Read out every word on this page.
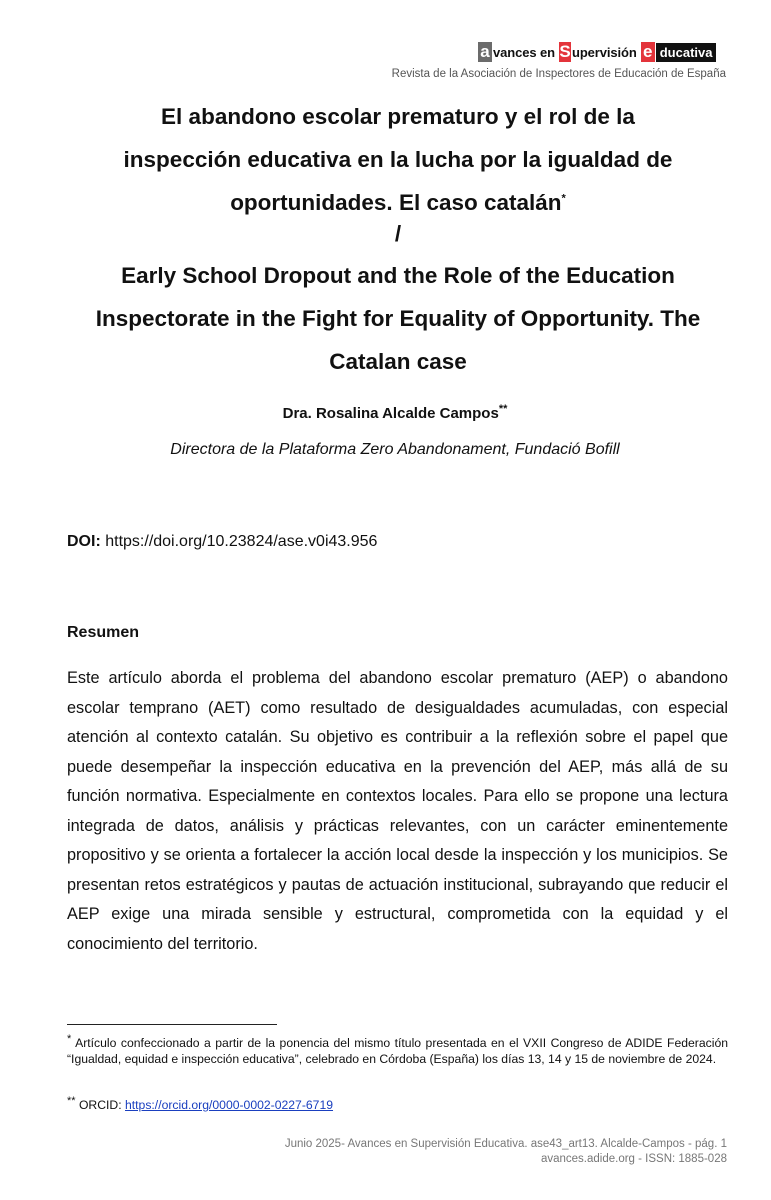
a vances en S upervisión e ducativa
Revista de la Asociación de Inspectores de Educación de España
El abandono escolar prematuro y el rol de la
inspección educativa en la lucha por la igualdad de
oportunidades. El caso catalán*
/
Early School Dropout and the Role of the Education
Inspectorate in the Fight for Equality of Opportunity. The
Catalan case
Dra. Rosalina Alcalde Campos**
Directora de la Plataforma Zero Abandonament, Fundació Bofill
DOI: https://doi.org/10.23824/ase.v0i43.956
Resumen

Este artículo aborda el problema del abandono escolar prematuro (AEP) o abandono escolar temprano (AET) como resultado de desigualdades acumuladas, con especial atención al contexto catalán. Su objetivo es contribuir a la reflexión sobre el papel que puede desempeñar la inspección educativa en la prevención del AEP, más allá de su función normativa. Especialmente en contextos locales. Para ello se propone una lectura integrada de datos, análisis y prácticas relevantes, con un carácter eminentemente propositivo y se orienta a fortalecer la acción local desde la inspección y los municipios. Se presentan retos estratégicos y pautas de actuación institucional, subrayando que reducir el AEP exige una mirada sensible y estructural, comprometida con la equidad y el conocimiento del territorio.

* Artículo confeccionado a partir de la ponencia del mismo título presentada en el VXII Congreso de ADIDE Federación “Igualdad, equidad e inspección educativa”, celebrado en Córdoba (España) los días 13, 14 y 15 de noviembre de 2024.
** ORCID: https://orcid.org/0000-0002-0227-6719
Junio 2025- Avances en Supervisión Educativa. ase43_art13. Alcalde-Campos - pág. 1
avances.adide.org - ISSN: 1885-028
